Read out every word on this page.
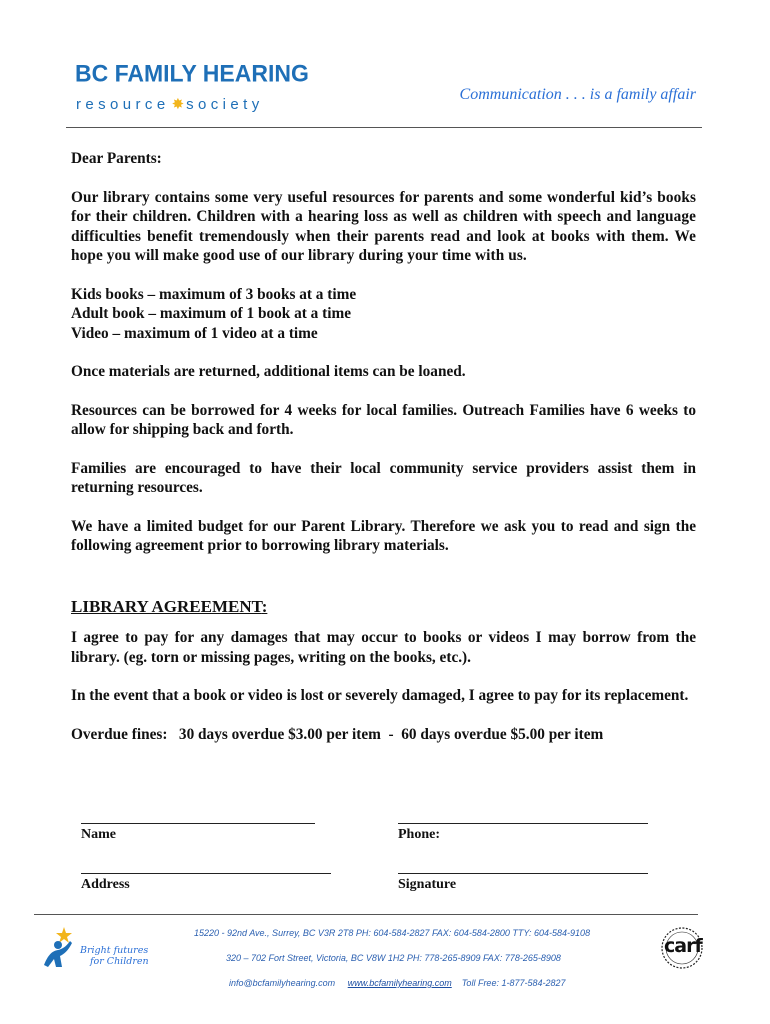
BC FAMILY HEARING
resource ✸ society
Communication . . . is a family affair

Dear Parents:

Our library contains some very useful resources for parents and some wonderful kid’s books for their children. Children with a hearing loss as well as children with speech and language difficulties benefit tremendously when their parents read and look at books with them. We hope you will make good use of our library during your time with us.

Kids books – maximum of 3 books at a time

Adult book – maximum of 1 book at a time

Video – maximum of 1 video at a time

Once materials are returned, additional items can be loaned.

Resources can be borrowed for 4 weeks for local families. Outreach Families have 6 weeks to allow for shipping back and forth.

Families are encouraged to have their local community service providers assist them in returning resources.

We have a limited budget for our Parent Library. Therefore we ask you to read and sign the following agreement prior to borrowing library materials.

LIBRARY AGREEMENT:

I agree to pay for any damages that may occur to books or videos I may borrow from the library. (eg. torn or missing pages, writing on the books, etc.).

In the event that a book or video is lost or severely damaged, I agree to pay for its replacement.

Overdue fines:   30 days overdue $3.00 per item  -  60 days overdue $5.00 per item

Name	Phone:
Address	Signature
Bright futures
for Children
15220 - 92nd Ave., Surrey, BC V3R 2T8 PH: 604-584-2827 FAX: 604-584-2800 TTY: 604-584-9108
320 – 702 Fort Street, Victoria, BC V8W 1H2 PH: 778-265-8909 FAX: 778-265-8908
info@bcfamilyhearing.com www.bcfamilyhearing.com Toll Free: 1-877-584-2827
carf
